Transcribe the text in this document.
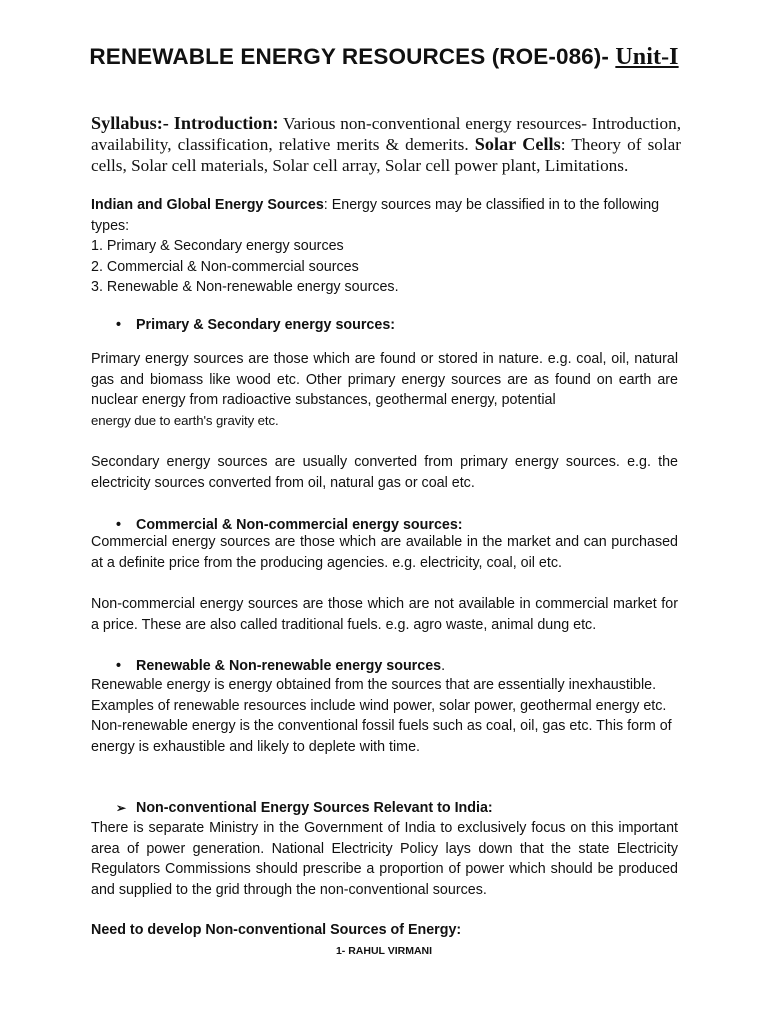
RENEWABLE ENERGY RESOURCES (ROE-086)- Unit-I
Syllabus:- Introduction: Various non-conventional energy resources- Introduction, availability, classification, relative merits & demerits. Solar Cells: Theory of solar cells, Solar cell materials, Solar cell array, Solar cell power plant, Limitations.
Indian and Global Energy Sources: Energy sources may be classified in to the following types:
1. Primary & Secondary energy sources
2. Commercial & Non-commercial sources
3. Renewable & Non-renewable energy sources.
• Primary & Secondary energy sources:
Primary energy sources are those which are found or stored in nature. e.g. coal, oil, natural gas and biomass like wood etc. Other primary energy sources are as found on earth are nuclear energy from radioactive substances, geothermal energy, potential
energy due to earth's gravity etc.
Secondary energy sources are usually converted from primary energy sources. e.g. the electricity sources converted from oil, natural gas or coal etc.
• Commercial & Non-commercial energy sources:
Commercial energy sources are those which are available in the market and can purchased at a definite price from the producing agencies. e.g. electricity, coal, oil etc.
Non-commercial energy sources are those which are not available in commercial market for a price. These are also called traditional fuels. e.g. agro waste, animal dung etc.
• Renewable & Non-renewable energy sources.
Renewable energy is energy obtained from the sources that are essentially inexhaustible. Examples of renewable resources include wind power, solar power, geothermal energy etc.
Non-renewable energy is the conventional fossil fuels such as coal, oil, gas etc. This form of energy is exhaustible and likely to deplete with time.
➢ Non-conventional Energy Sources Relevant to India:
There is separate Ministry in the Government of India to exclusively focus on this important area of power generation. National Electricity Policy lays down that the state Electricity Regulators Commissions should prescribe a proportion of power which should be produced and supplied to the grid through the non-conventional sources.
Need to develop Non-conventional Sources of Energy:
1- RAHUL VIRMANI
